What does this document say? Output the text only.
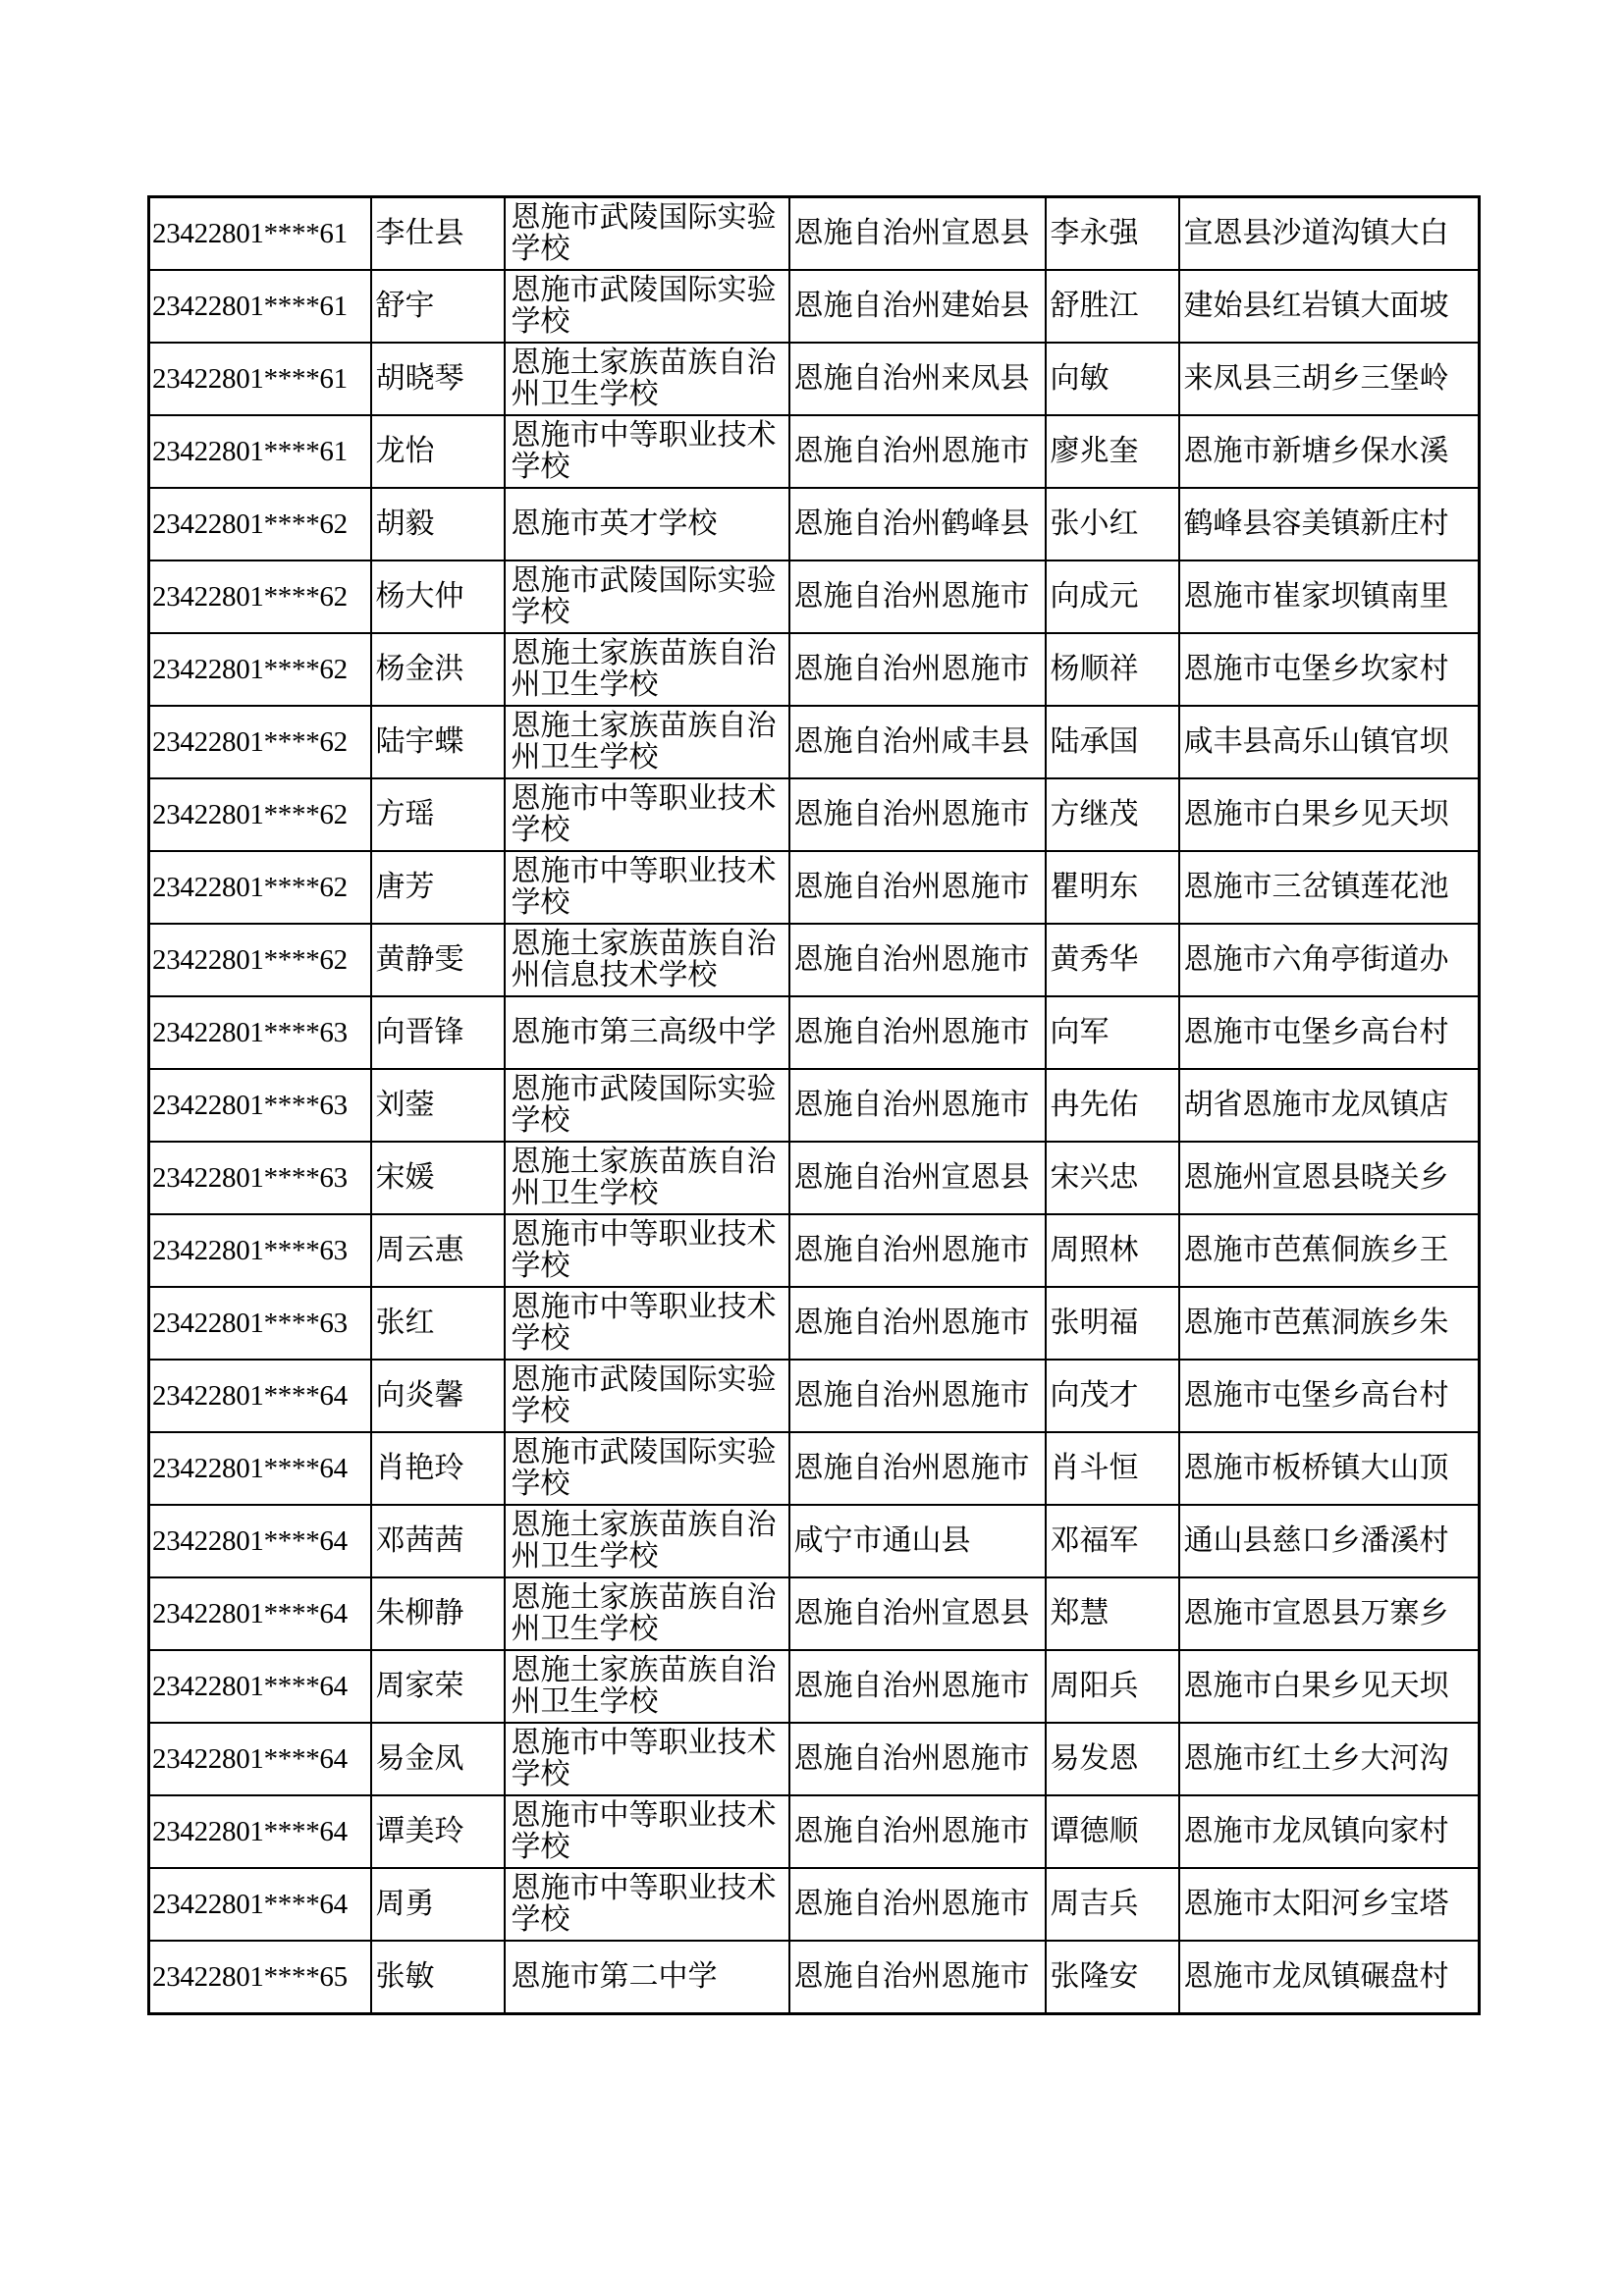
23422801****61	李仕县	恩施市武陵国际实验学校	恩施自治州宣恩县	李永强	宣恩县沙道沟镇大白
23422801****61	舒宇	恩施市武陵国际实验学校	恩施自治州建始县	舒胜江	建始县红岩镇大面坡
23422801****61	胡晓琴	恩施土家族苗族自治州卫生学校	恩施自治州来凤县	向敏	来凤县三胡乡三堡岭
23422801****61	龙怡	恩施市中等职业技术学校	恩施自治州恩施市	廖兆奎	恩施市新塘乡保水溪
23422801****62	胡毅	恩施市英才学校	恩施自治州鹤峰县	张小红	鹤峰县容美镇新庄村
23422801****62	杨大仲	恩施市武陵国际实验学校	恩施自治州恩施市	向成元	恩施市崔家坝镇南里
23422801****62	杨金洪	恩施土家族苗族自治州卫生学校	恩施自治州恩施市	杨顺祥	恩施市屯堡乡坎家村
23422801****62	陆宇蝶	恩施土家族苗族自治州卫生学校	恩施自治州咸丰县	陆承国	咸丰县高乐山镇官坝
23422801****62	方瑶	恩施市中等职业技术学校	恩施自治州恩施市	方继茂	恩施市白果乡见天坝
23422801****62	唐芳	恩施市中等职业技术学校	恩施自治州恩施市	瞿明东	恩施市三岔镇莲花池
23422801****62	黄静雯	恩施土家族苗族自治州信息技术学校	恩施自治州恩施市	黄秀华	恩施市六角亭街道办
23422801****63	向晋锋	恩施市第三高级中学	恩施自治州恩施市	向军	恩施市屯堡乡高台村
23422801****63	刘蓥	恩施市武陵国际实验学校	恩施自治州恩施市	冉先佑	胡省恩施市龙凤镇店
23422801****63	宋媛	恩施土家族苗族自治州卫生学校	恩施自治州宣恩县	宋兴忠	恩施州宣恩县晓关乡
23422801****63	周云惠	恩施市中等职业技术学校	恩施自治州恩施市	周照林	恩施市芭蕉侗族乡王
23422801****63	张红	恩施市中等职业技术学校	恩施自治州恩施市	张明福	恩施市芭蕉洞族乡朱
23422801****64	向炎馨	恩施市武陵国际实验学校	恩施自治州恩施市	向茂才	恩施市屯堡乡高台村
23422801****64	肖艳玲	恩施市武陵国际实验学校	恩施自治州恩施市	肖斗恒	恩施市板桥镇大山顶
23422801****64	邓茜茜	恩施土家族苗族自治州卫生学校	咸宁市通山县	邓福军	通山县慈口乡潘溪村
23422801****64	朱柳静	恩施土家族苗族自治州卫生学校	恩施自治州宣恩县	郑慧	恩施市宣恩县万寨乡
23422801****64	周家荣	恩施土家族苗族自治州卫生学校	恩施自治州恩施市	周阳兵	恩施市白果乡见天坝
23422801****64	易金凤	恩施市中等职业技术学校	恩施自治州恩施市	易发恩	恩施市红土乡大河沟
23422801****64	谭美玲	恩施市中等职业技术学校	恩施自治州恩施市	谭德顺	恩施市龙凤镇向家村
23422801****64	周勇	恩施市中等职业技术学校	恩施自治州恩施市	周吉兵	恩施市太阳河乡宝塔
23422801****65	张敏	恩施市第二中学	恩施自治州恩施市	张隆安	恩施市龙凤镇碾盘村
